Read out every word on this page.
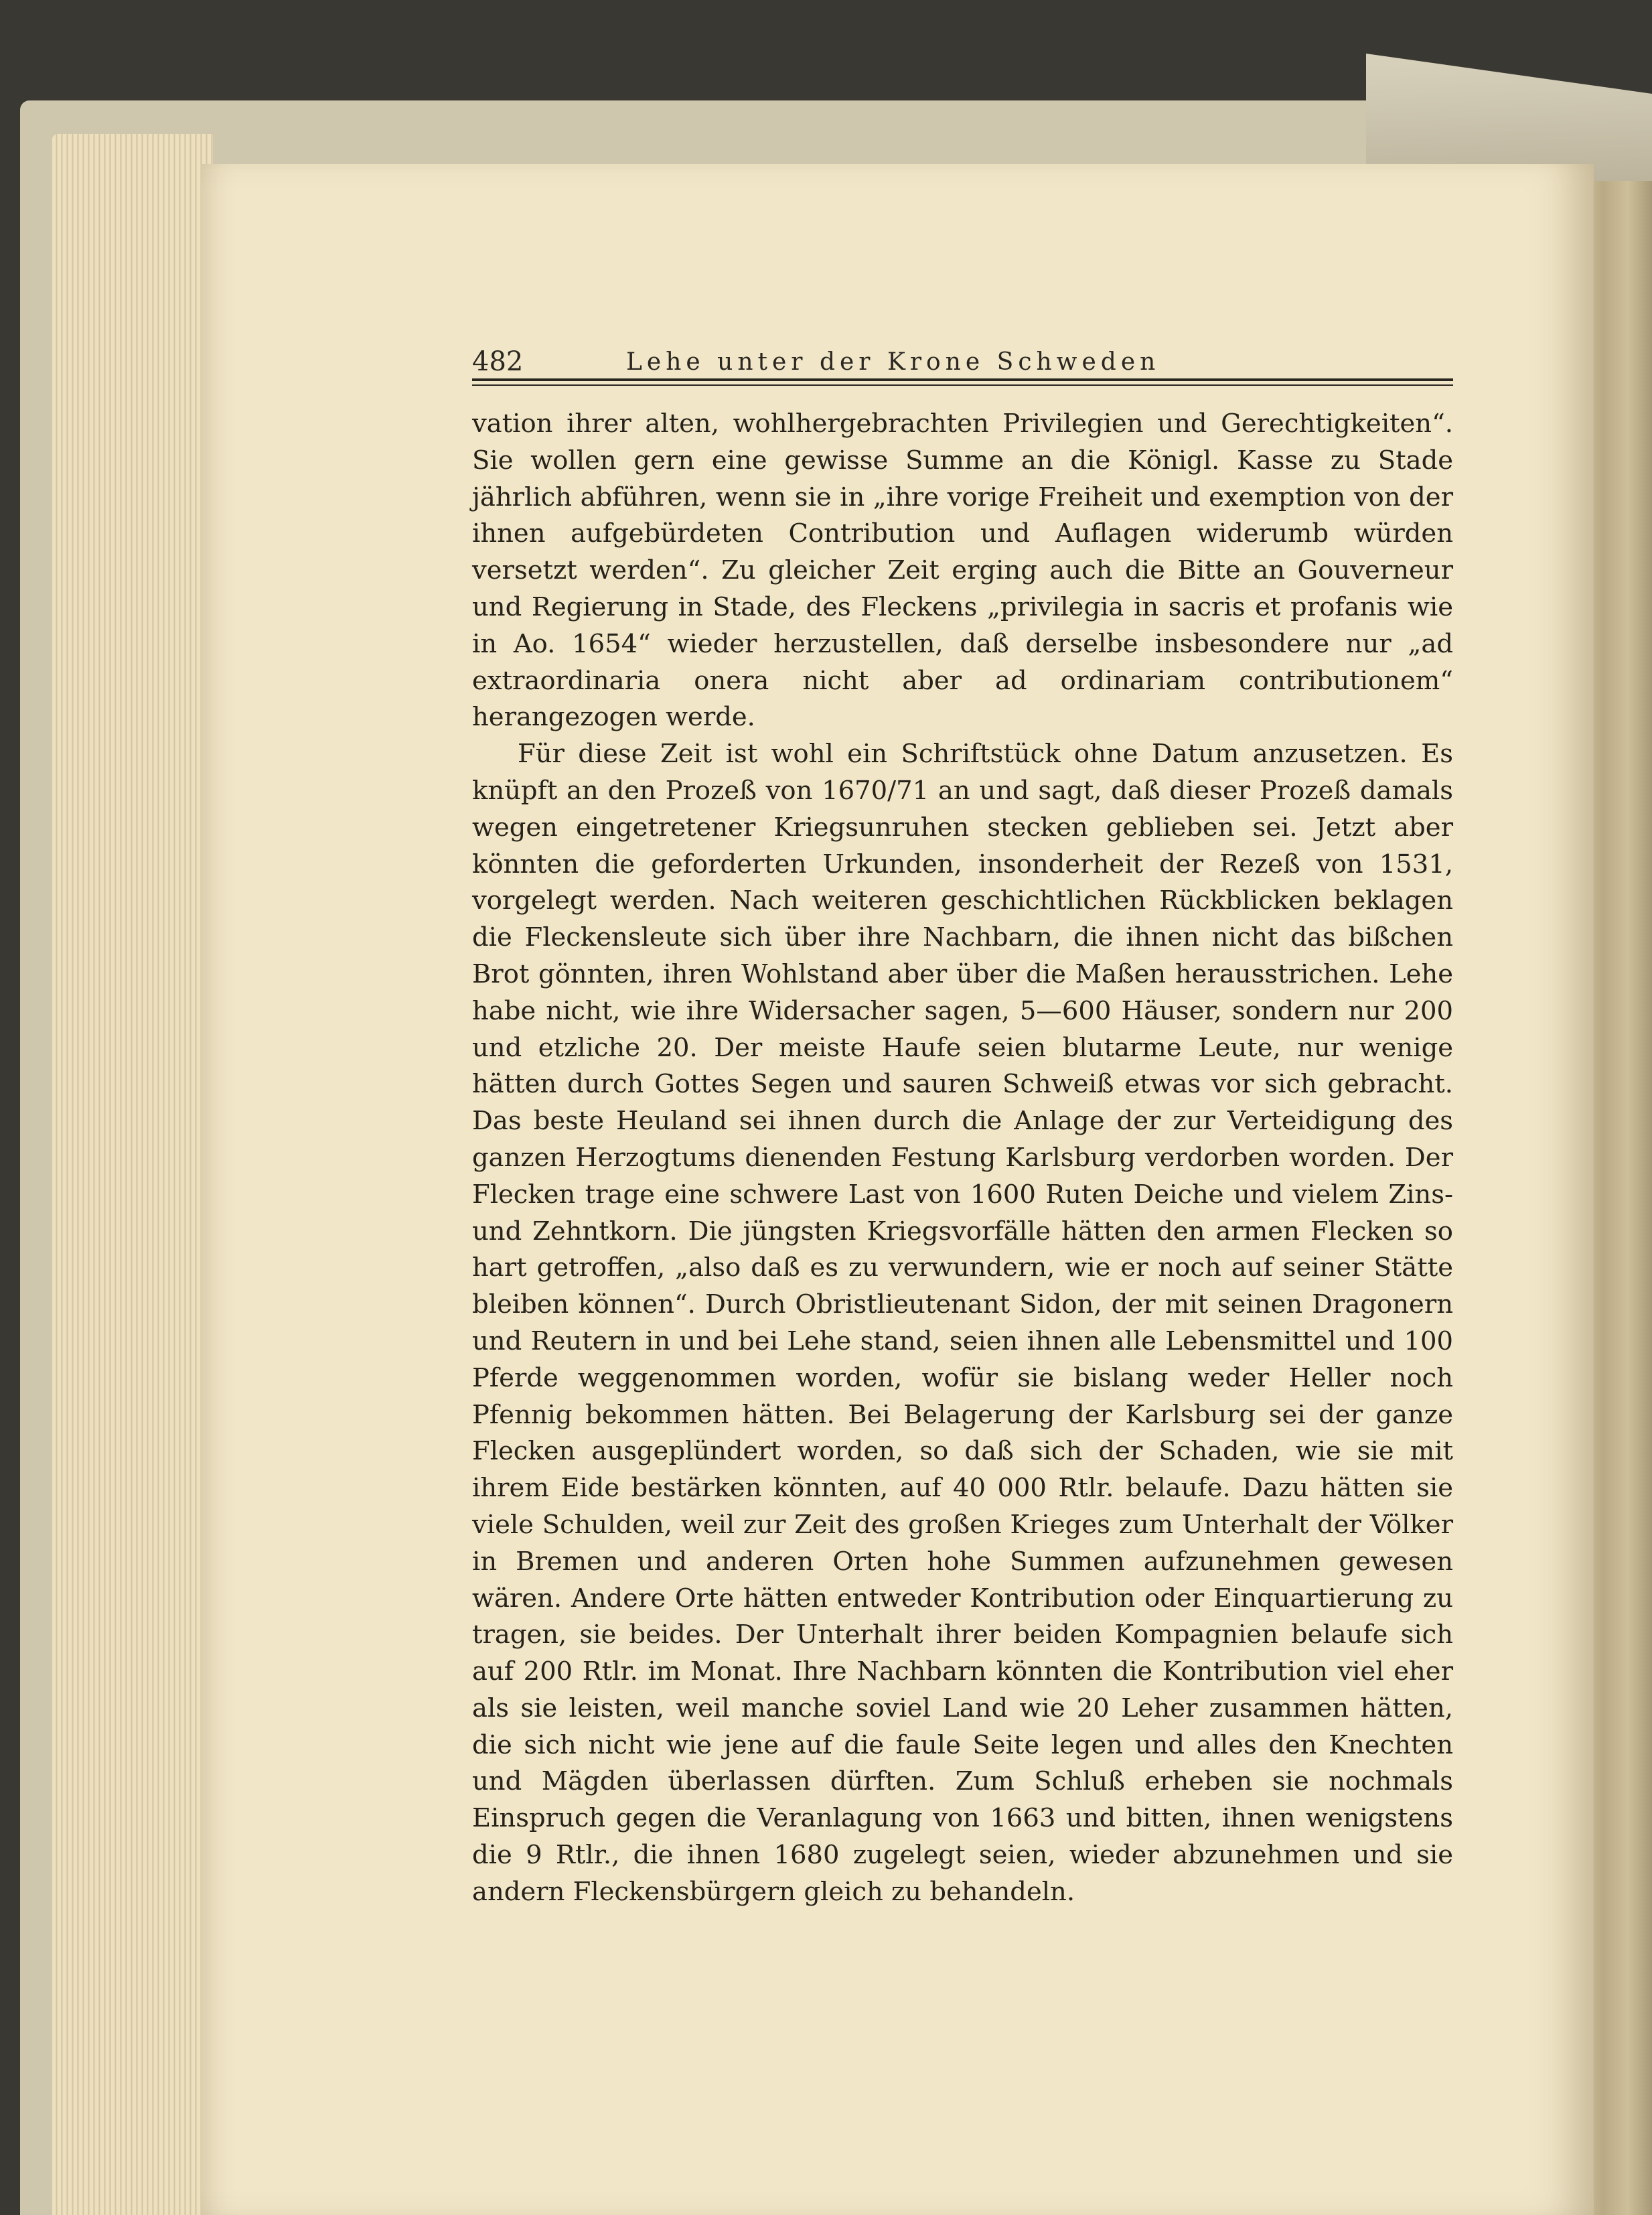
482	Lehe unter der Krone Schweden

vation ihrer alten, wohlhergebrachten Privilegien und Gerechtigkeiten“. Sie wollen gern eine gewisse Summe an die Königl. Kasse zu Stade jährlich abführen, wenn sie in „ihre vorige Freiheit und exemption von der ihnen aufgebürdeten Contribution und Auflagen widerumb würden versetzt werden“. Zu gleicher Zeit erging auch die Bitte an Gouverneur und Regierung in Stade, des Fleckens „privilegia in sacris et profanis wie in Ao. 1654“ wieder herzustellen, daß derselbe insbesondere nur „ad extraordinaria onera nicht aber ad ordinariam contributionem“ herangezogen werde.

Für diese Zeit ist wohl ein Schriftstück ohne Datum anzusetzen. Es knüpft an den Prozeß von 1670/71 an und sagt, daß dieser Prozeß damals wegen eingetretener Kriegsunruhen stecken geblieben sei. Jetzt aber könnten die geforderten Urkunden, insonderheit der Rezeß von 1531, vorgelegt werden. Nach weiteren geschichtlichen Rückblicken beklagen die Fleckensleute sich über ihre Nachbarn, die ihnen nicht das bißchen Brot gönnten, ihren Wohlstand aber über die Maßen herausstrichen. Lehe habe nicht, wie ihre Widersacher sagen, 5—600 Häuser, sondern nur 200 und etzliche 20. Der meiste Haufe seien blutarme Leute, nur wenige hätten durch Gottes Segen und sauren Schweiß etwas vor sich gebracht. Das beste Heuland sei ihnen durch die Anlage der zur Verteidigung des ganzen Herzogtums dienenden Festung Karlsburg verdorben worden. Der Flecken trage eine schwere Last von 1600 Ruten Deiche und vielem Zins- und Zehntkorn. Die jüngsten Kriegsvorfälle hätten den armen Flecken so hart getroffen, „also daß es zu verwundern, wie er noch auf seiner Stätte bleiben können“. Durch Obristlieutenant Sidon, der mit seinen Dragonern und Reutern in und bei Lehe stand, seien ihnen alle Lebensmittel und 100 Pferde weggenommen worden, wofür sie bislang weder Heller noch Pfennig bekommen hätten. Bei Belagerung der Karlsburg sei der ganze Flecken ausgeplündert worden, so daß sich der Schaden, wie sie mit ihrem Eide bestärken könnten, auf 40 000 Rtlr. belaufe. Dazu hätten sie viele Schulden, weil zur Zeit des großen Krieges zum Unterhalt der Völker in Bremen und anderen Orten hohe Summen aufzunehmen gewesen wären. Andere Orte hätten entweder Kontribution oder Einquartierung zu tragen, sie beides. Der Unterhalt ihrer beiden Kompagnien belaufe sich auf 200 Rtlr. im Monat. Ihre Nachbarn könnten die Kontribution viel eher als sie leisten, weil manche soviel Land wie 20 Leher zusammen hätten, die sich nicht wie jene auf die faule Seite legen und alles den Knechten und Mägden überlassen dürften. Zum Schluß erheben sie nochmals Einspruch gegen die Veranlagung von 1663 und bitten, ihnen wenigstens die 9 Rtlr., die ihnen 1680 zugelegt seien, wieder abzunehmen und sie andern Fleckensbürgern gleich zu behandeln.
